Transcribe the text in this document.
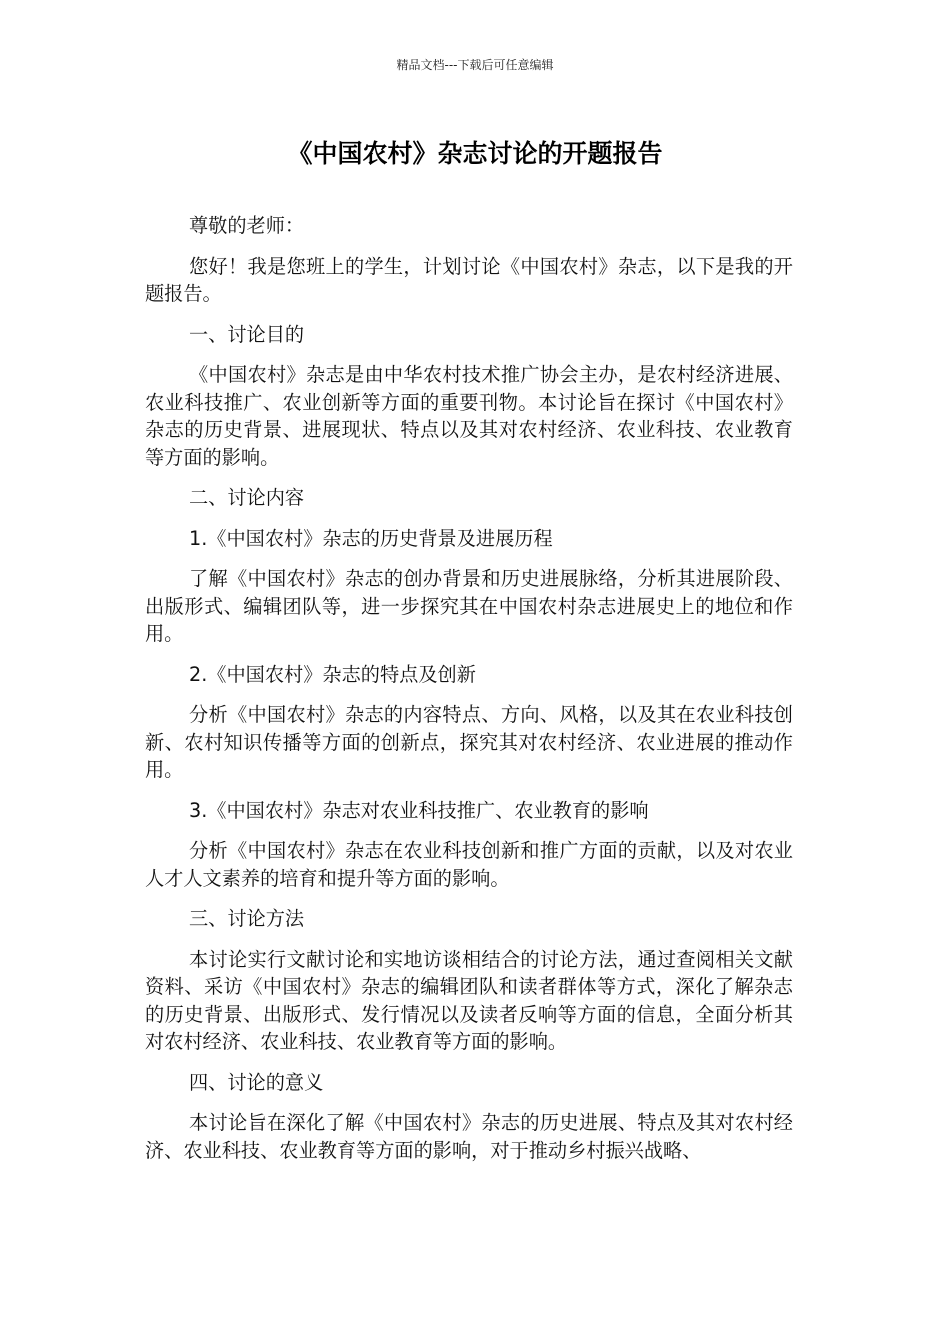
精品文档---下载后可任意编辑
《中国农村》杂志讨论的开题报告

尊敬的老师：

您好！我是您班上的学生，计划讨论《中国农村》杂志，以下是我的开题报告。

一、讨论目的

《中国农村》杂志是由中华农村技术推广协会主办，是农村经济进展、农业科技推广、农业创新等方面的重要刊物。本讨论旨在探讨《中国农村》杂志的历史背景、进展现状、特点以及其对农村经济、农业科技、农业教育等方面的影响。

二、讨论内容

1.《中国农村》杂志的历史背景及进展历程

了解《中国农村》杂志的创办背景和历史进展脉络，分析其进展阶段、出版形式、编辑团队等，进一步探究其在中国农村杂志进展史上的地位和作用。

2.《中国农村》杂志的特点及创新

分析《中国农村》杂志的内容特点、方向、风格，以及其在农业科技创新、农村知识传播等方面的创新点，探究其对农村经济、农业进展的推动作用。

3.《中国农村》杂志对农业科技推广、农业教育的影响

分析《中国农村》杂志在农业科技创新和推广方面的贡献，以及对农业人才人文素养的培育和提升等方面的影响。

三、讨论方法

本讨论实行文献讨论和实地访谈相结合的讨论方法，通过查阅相关文献资料、采访《中国农村》杂志的编辑团队和读者群体等方式，深化了解杂志的历史背景、出版形式、发行情况以及读者反响等方面的信息，全面分析其对农村经济、农业科技、农业教育等方面的影响。

四、讨论的意义

本讨论旨在深化了解《中国农村》杂志的历史进展、特点及其对农村经济、农业科技、农业教育等方面的影响，对于推动乡村振兴战略、
